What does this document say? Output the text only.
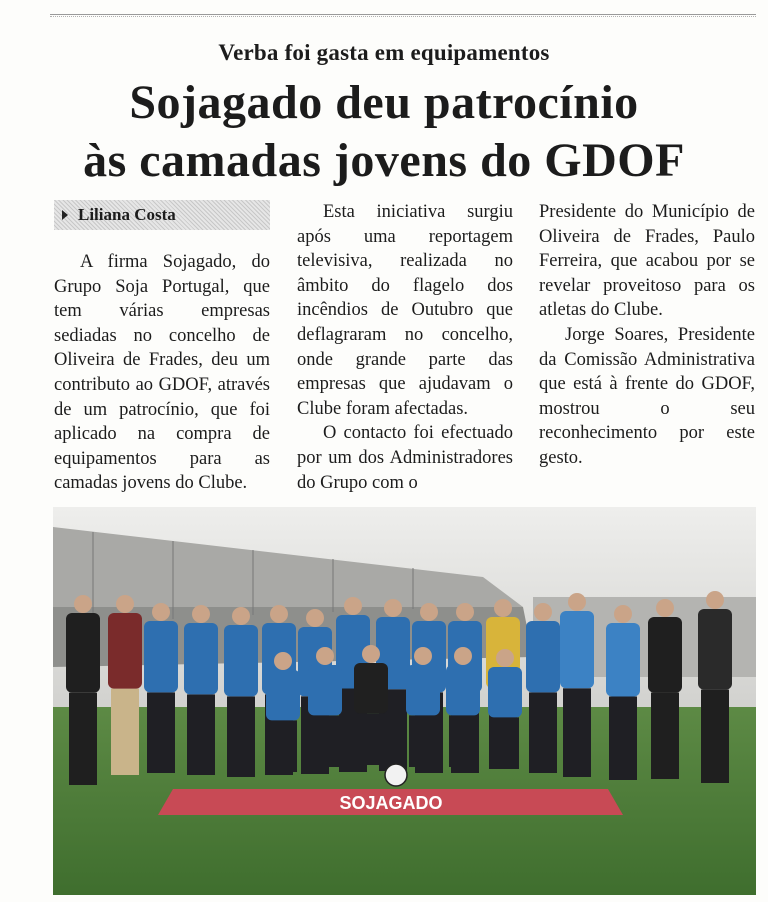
Verba foi gasta em equipamentos
Sojagado deu patrocínio
às camadas jovens do GDOF
Liliana Costa

A firma Sojagado, do Grupo Soja Portugal, que tem várias empresas sediadas no concelho de Oliveira de Frades, deu um contributo ao GDOF, através de um patrocínio, que foi aplicado na compra de equipamentos para as camadas jovens do Clube.

Esta iniciativa surgiu após uma reportagem televisiva, realizada no âmbito do flagelo dos incêndios de Outubro que deflagraram no concelho, onde grande parte das empresas que ajudavam o Clube foram afectadas.

O contacto foi efectuado por um dos Administradores do Grupo com o

Presidente do Município de Oliveira de Frades, Paulo Ferreira, que acabou por se revelar proveitoso para os atletas do Clube.

Jorge Soares, Presidente da Comissão Administrativa que está à frente do GDOF, mostrou o seu reconhecimento por este gesto.

SOJAGADO
